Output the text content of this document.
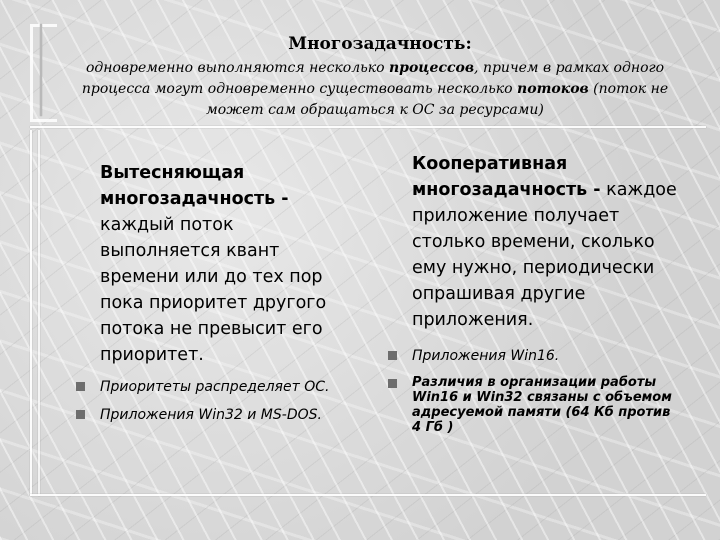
Многозадачность:
одновременно выполняются несколько процессов, причем в рамках одного процесса могут одновременно существовать несколько потоков (поток не может сам обращаться к ОС за ресурсами)
Вытесняющая многозадачность - каждый поток выполняется квант времени или до тех пор пока приоритет другого потока не превысит его приоритет.
Приоритеты распределяет ОС.
Приложения Win32 и MS-DOS.
Кооперативная многозадачность - каждое приложение получает столько времени, сколько ему нужно, периодически опрашивая другие приложения.
Приложения Win16.
Различия в организации работы Win16 и Win32 связаны с объемом адресуемой памяти (64 Кб против 4 Гб )
